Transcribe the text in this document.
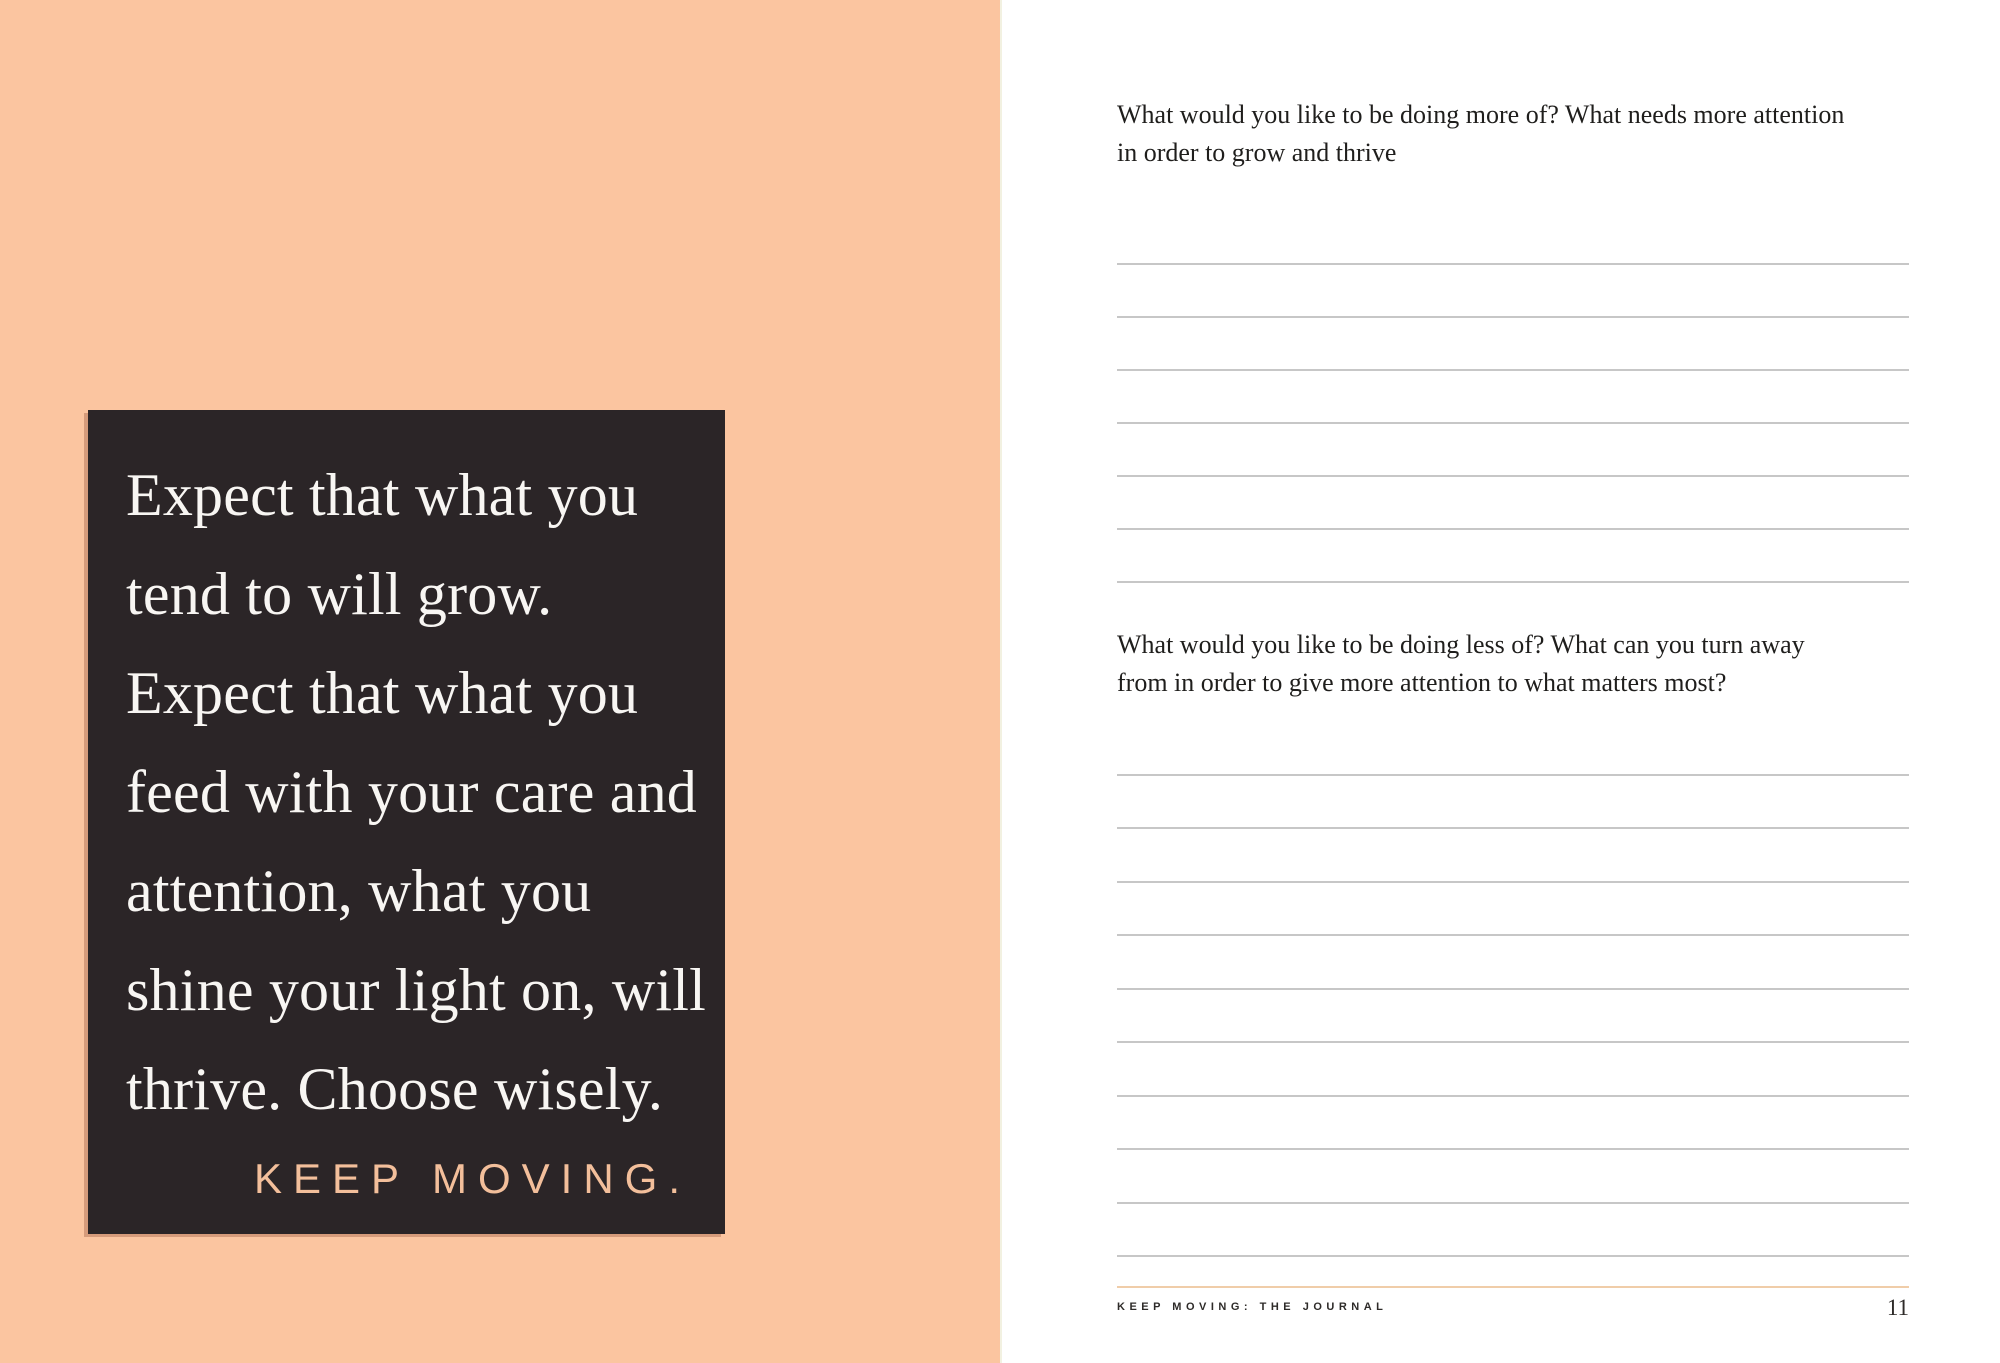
Expect that what you
tend to will grow.
Expect that what you
feed with your care and
attention, what you
shine your light on, will
thrive. Choose wisely.
KEEP MOVING.
What would you like to be doing more of? What needs more attention
in order to grow and thrive
What would you like to be doing less of? What can you turn away
from in order to give more attention to what matters most?
KEEP MOVING: THE JOURNAL	11
